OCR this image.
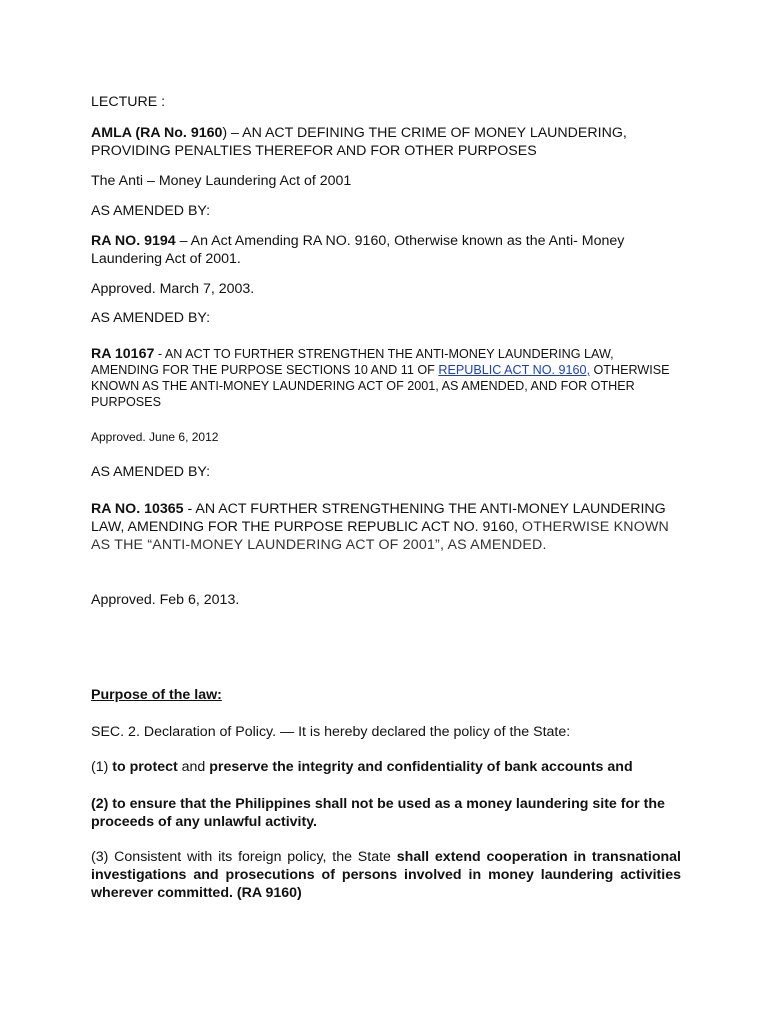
LECTURE :

AMLA (RA No. 9160) – AN ACT DEFINING THE CRIME OF MONEY LAUNDERING, PROVIDING PENALTIES THEREFOR AND FOR OTHER PURPOSES

The Anti – Money Laundering Act of 2001

AS AMENDED BY:

RA NO. 9194 – An Act Amending RA NO. 9160, Otherwise known as the Anti- Money Laundering Act of 2001.

Approved. March 7, 2003.

AS AMENDED BY:

RA 10167 - AN ACT TO FURTHER STRENGTHEN THE ANTI-MONEY LAUNDERING LAW, AMENDING FOR THE PURPOSE SECTIONS 10 AND 11 OF REPUBLIC ACT NO. 9160, OTHERWISE KNOWN AS THE ANTI-MONEY LAUNDERING ACT OF 2001, AS AMENDED, AND FOR OTHER PURPOSES

Approved. June 6, 2012

AS AMENDED BY:

RA NO. 10365 - AN ACT FURTHER STRENGTHENING THE ANTI-MONEY LAUNDERING LAW, AMENDING FOR THE PURPOSE REPUBLIC ACT NO. 9160, OTHERWISE KNOWN AS THE “ANTI-MONEY LAUNDERING ACT OF 2001”, AS AMENDED.

Approved. Feb 6, 2013.

Purpose of the law:

SEC. 2. Declaration of Policy. — It is hereby declared the policy of the State:

(1) to protect and preserve the integrity and confidentiality of bank accounts and

(2) to ensure that the Philippines shall not be used as a money laundering site for the proceeds of any unlawful activity.

(3) Consistent with its foreign policy, the State shall extend cooperation in transnational investigations and prosecutions of persons involved in money laundering activities wherever committed. (RA 9160)
